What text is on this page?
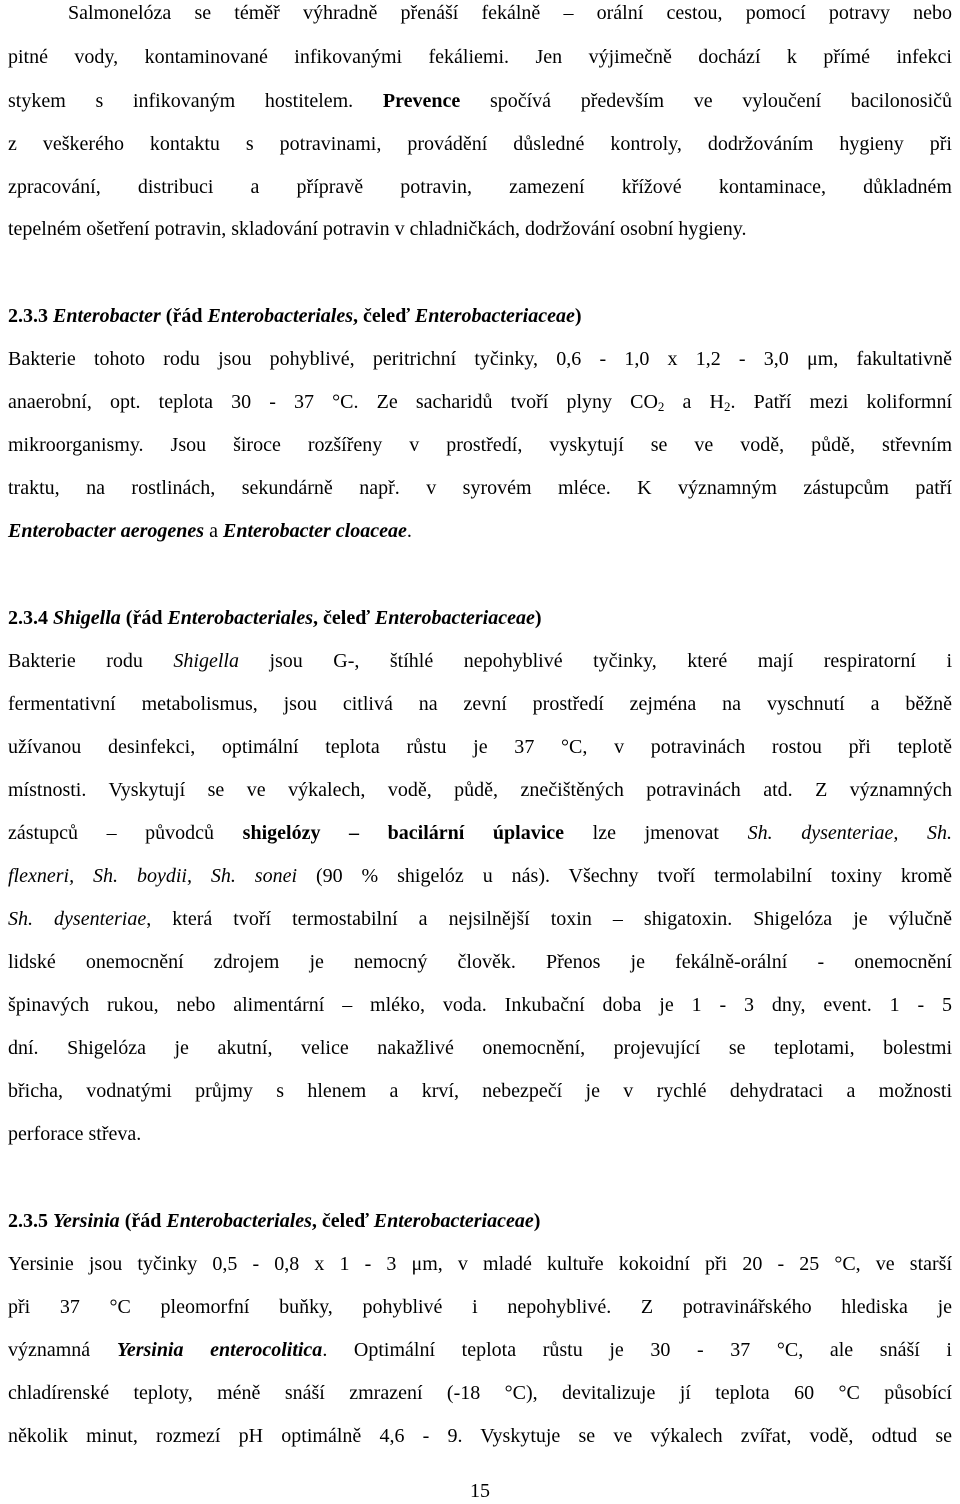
Salmonelóza se téměř výhradně přenáší fekálně – orální cestou, pomocí potravy nebo
pitné vody, kontaminované infikovanými fekáliemi. Jen výjimečně dochází k přímé infekci
stykem s infikovaným hostitelem. Prevence spočívá především ve vyloučení bacilonosičů
z veškerého kontaktu s potravinami, provádění důsledné kontroly, dodržováním hygieny při
zpracování, distribuci a přípravě potravin, zamezení křížové kontaminace, důkladném
tepelném ošetření potravin, skladování potravin v chladničkách, dodržování osobní hygieny.
2.3.3 Enterobacter (řád Enterobacteriales, čeleď Enterobacteriaceae)
Bakterie tohoto rodu jsou pohyblivé, peritrichní tyčinky, 0,6 - 1,0 x 1,2 - 3,0 μm, fakultativně
anaerobní, opt. teplota 30 - 37 °C. Ze sacharidů tvoří plyny $CO_2$ a $H_2$. Patří mezi koliformní
mikroorganismy. Jsou široce rozšířeny v prostředí, vyskytují se ve vodě, půdě, střevním
traktu, na rostlinách, sekundárně např. v syrovém mléce. K významným zástupcům patří
Enterobacter aerogenes a Enterobacter cloaceae.
2.3.4 Shigella (řád Enterobacteriales, čeleď Enterobacteriaceae)
Bakterie rodu Shigella jsou G-, štíhlé nepohyblivé tyčinky, které mají respiratorní i
fermentativní metabolismus, jsou citlivá na zevní prostředí zejména na vyschnutí a běžně
užívanou desinfekci, optimální teplota růstu je 37 °C, v potravinách rostou při teplotě
místnosti. Vyskytují se ve výkalech, vodě, půdě, znečištěných potravinách atd. Z významných
zástupců – původců shigelózy – bacilární úplavice lze jmenovat Sh. dysenteriae, Sh.
flexneri, Sh. boydii, Sh. sonei (90 % shigelóz u nás). Všechny tvoří termolabilní toxiny kromě
Sh. dysenteriae, která tvoří termostabilní a nejsilnější toxin – shigatoxin. Shigelóza je výlučně
lidské onemocnění zdrojem je nemocný člověk. Přenos je fekálně-orální - onemocnění
špinavých rukou, nebo alimentární – mléko, voda. Inkubační doba je 1 - 3 dny, event. 1 - 5
dní. Shigelóza je akutní, velice nakažlivé onemocnění, projevující se teplotami, bolestmi
břicha, vodnatými průjmy s hlenem a krví, nebezpečí je v rychlé dehydrataci a možnosti
perforace střeva.
2.3.5 Yersinia (řád Enterobacteriales, čeleď Enterobacteriaceae)
Yersinie jsou tyčinky 0,5 - 0,8 x 1 - 3 μm, v mladé kultuře kokoidní při 20 - 25 °C, ve starší
při 37 °C pleomorfní buňky, pohyblivé i nepohyblivé. Z potravinářského hlediska je
významná Yersinia enterocolitica. Optimální teplota růstu je 30 - 37 °C, ale snáší i
chladírenské teploty, méně snáší zmrazení (-18 °C), devitalizuje jí teplota 60 °C působící
několik minut, rozmezí pH optimálně 4,6 - 9. Vyskytuje se ve výkalech zvířat, vodě, odtud se
15
